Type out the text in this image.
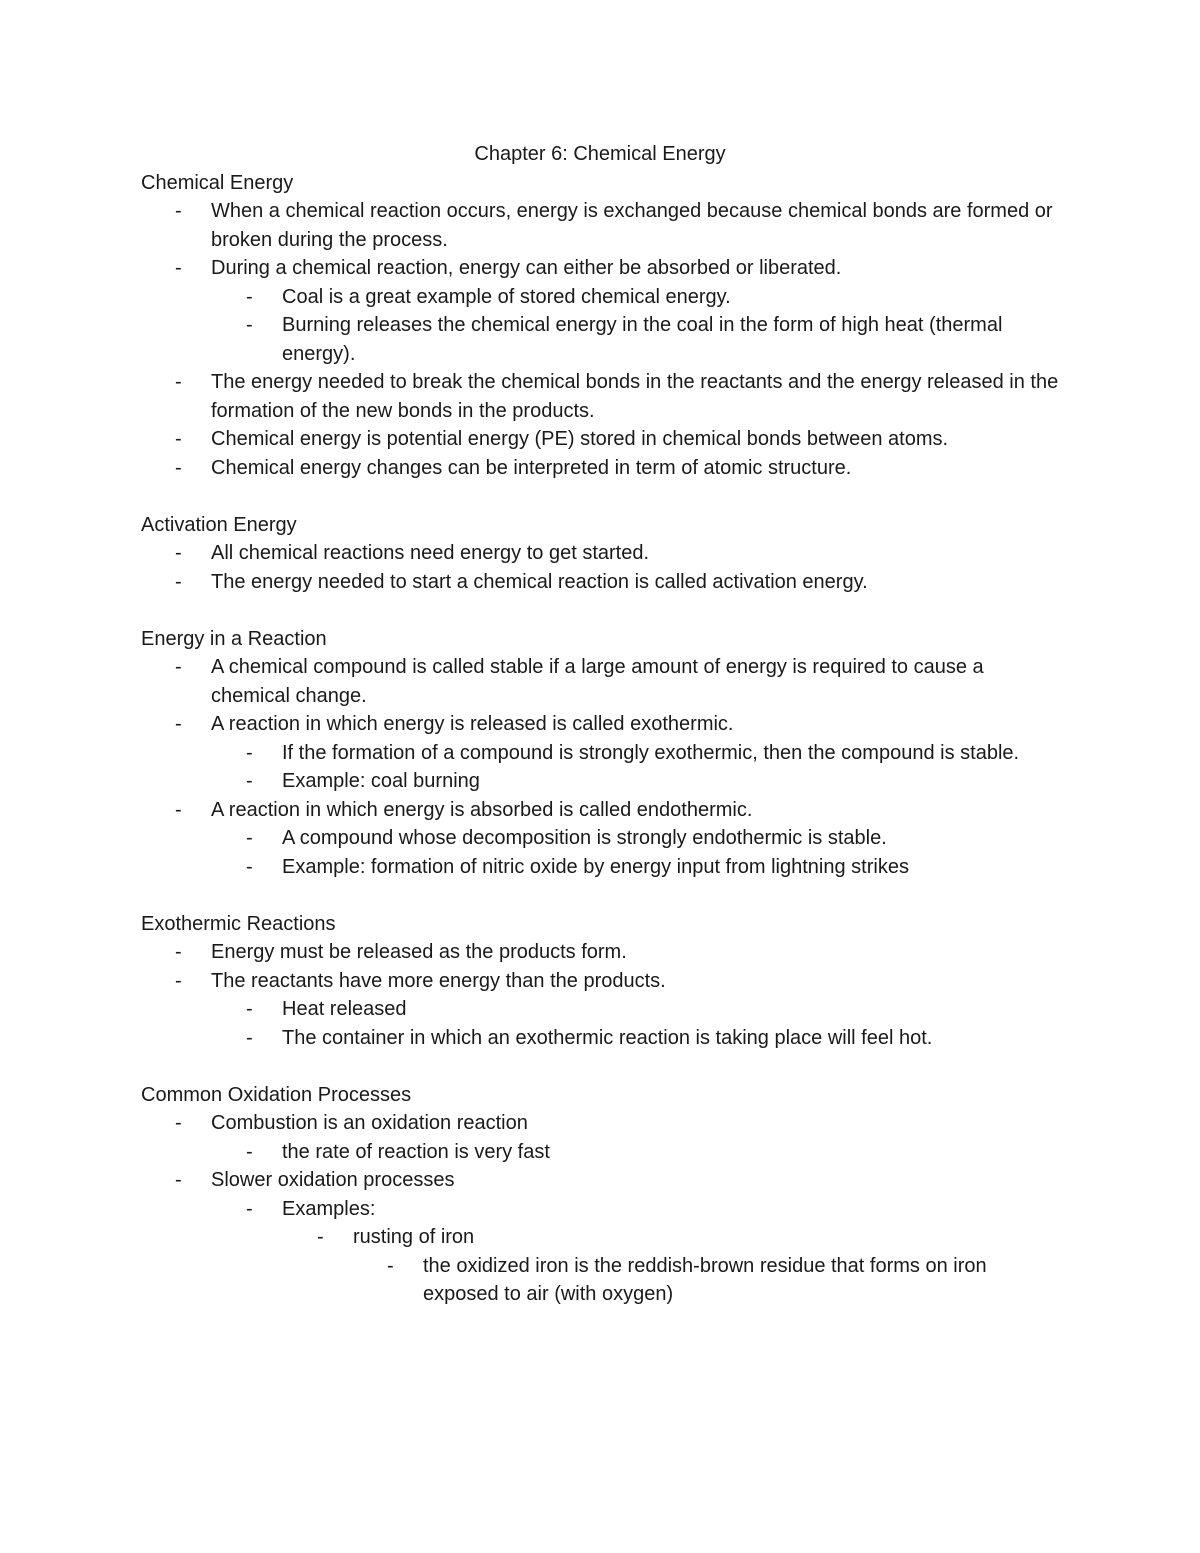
Chapter 6: Chemical Energy
Chemical Energy
- When a chemical reaction occurs, energy is exchanged because chemical bonds are formed or broken during the process.
- During a chemical reaction, energy can either be absorbed or liberated.
- Coal is a great example of stored chemical energy.
- Burning releases the chemical energy in the coal in the form of high heat (thermal energy).
- The energy needed to break the chemical bonds in the reactants and the energy released in the formation of the new bonds in the products.
- Chemical energy is potential energy (PE) stored in chemical bonds between atoms.
- Chemical energy changes can be interpreted in term of atomic structure.
Activation Energy
- All chemical reactions need energy to get started.
- The energy needed to start a chemical reaction is called activation energy.
Energy in a Reaction
- A chemical compound is called stable if a large amount of energy is required to cause a chemical change.
- A reaction in which energy is released is called exothermic.
- If the formation of a compound is strongly exothermic, then the compound is stable.
- Example: coal burning
- A reaction in which energy is absorbed is called endothermic.
- A compound whose decomposition is strongly endothermic is stable.
- Example: formation of nitric oxide by energy input from lightning strikes
Exothermic Reactions
- Energy must be released as the products form.
- The reactants have more energy than the products.
- Heat released
- The container in which an exothermic reaction is taking place will feel hot.
Common Oxidation Processes
- Combustion is an oxidation reaction
- the rate of reaction is very fast
- Slower oxidation processes
- Examples:
- rusting of iron
- the oxidized iron is the reddish-brown residue that forms on iron exposed to air (with oxygen)
